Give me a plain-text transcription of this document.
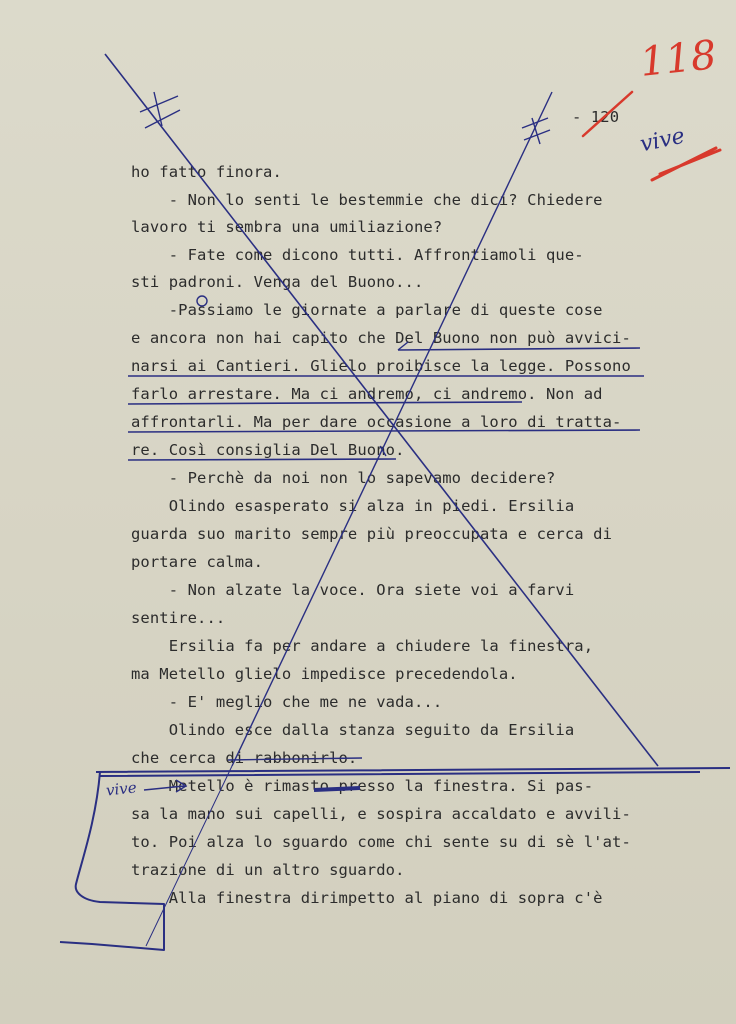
- 120
118
vive
vive
ho fatto finora.
- Non lo senti le bestemmie che dici? Chiedere
lavoro ti sembra una umiliazione?
- Fate come dicono tutti. Affrontiamoli que-
sti padroni. Venga del Buono...
-Passiamo le giornate a parlare di queste cose
e ancora non hai capito che Del Buono non può avvici-
narsi ai Cantieri. Glielo proibisce la legge. Possono
farlo arrestare. Ma ci andremo, ci andremo. Non ad
affrontarli. Ma per dare occasione a loro di tratta-
re. Così consiglia Del Buono.
- Perchè da noi non lo sapevamo decidere?
Olindo esasperato si alza in piedi. Ersilia
guarda suo marito sempre più preoccupata e cerca di
portare calma.
- Non alzate la voce. Ora siete voi a farvi
sentire...
Ersilia fa per andare a chiudere la finestra,
ma Metello glielo impedisce precedendola.
- E' meglio che me ne vada...
Olindo esce dalla stanza seguito da Ersilia
che cerca di rabbonirlo.
Metello è rimasto presso la finestra. Si pas-
sa la mano sui capelli, e sospira accaldato e avvili-
to. Poi alza lo sguardo come chi sente su di sè l'at-
trazione di un altro sguardo.
Alla finestra dirimpetto al piano di sopra c'è
